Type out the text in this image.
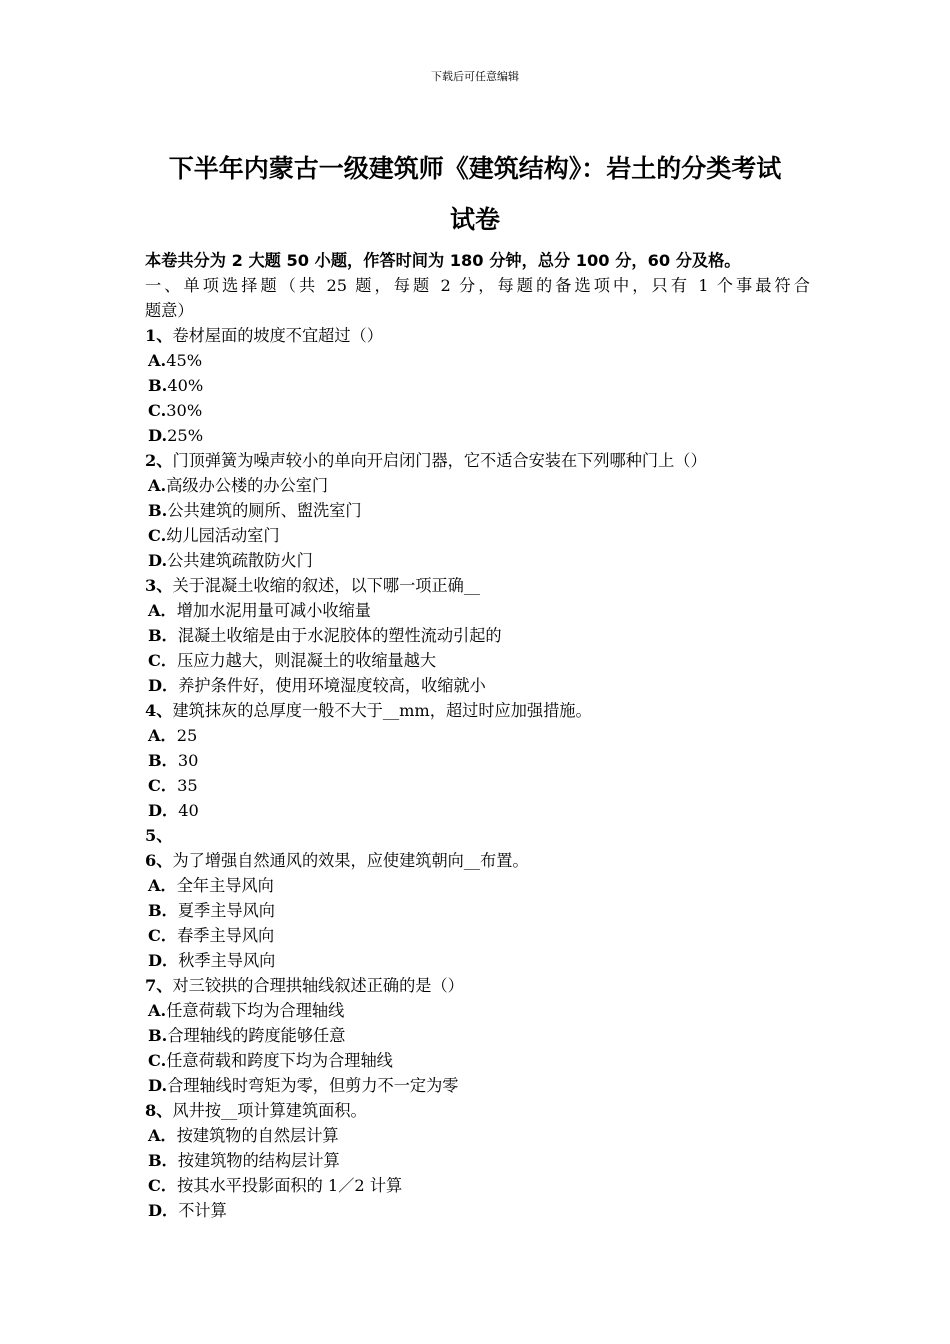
下载后可任意编辑
下半年内蒙古一级建筑师《建筑结构》：岩土的分类考试
试卷
本卷共分为 2 大题 50 小题，作答时间为 180 分钟，总分 100 分，60 分及格。
一、单项选择题（共 25 题，每题 2 分，每题的备选项中，只有 1 个事最符合
题意）
1、卷材屋面的坡度不宜超过（）
A.45%
B.40%
C.30%
D.25%
2、门顶弹簧为噪声较小的单向开启闭门器，它不适合安装在下列哪种门上（）
A.高级办公楼的办公室门
B.公共建筑的厕所、盥洗室门
C.幼儿园活动室门
D.公共建筑疏散防火门
3、关于混凝土收缩的叙述，以下哪一项正确__
A．增加水泥用量可减小收缩量
B．混凝土收缩是由于水泥胶体的塑性流动引起的
C．压应力越大，则混凝土的收缩量越大
D．养护条件好，使用环境湿度较高，收缩就小
4、建筑抹灰的总厚度一般不大于__mm，超过时应加强措施。
A．25
B．30
C．35
D．40
5、
6、为了增强自然通风的效果，应使建筑朝向__布置。
A．全年主导风向
B．夏季主导风向
C．春季主导风向
D．秋季主导风向
7、对三铰拱的合理拱轴线叙述正确的是（）
A.任意荷载下均为合理轴线
B.合理轴线的跨度能够任意
C.任意荷载和跨度下均为合理轴线
D.合理轴线时弯矩为零，但剪力不一定为零
8、风井按__项计算建筑面积。
A．按建筑物的自然层计算
B．按建筑物的结构层计算
C．按其水平投影面积的 1／2 计算
D．不计算
